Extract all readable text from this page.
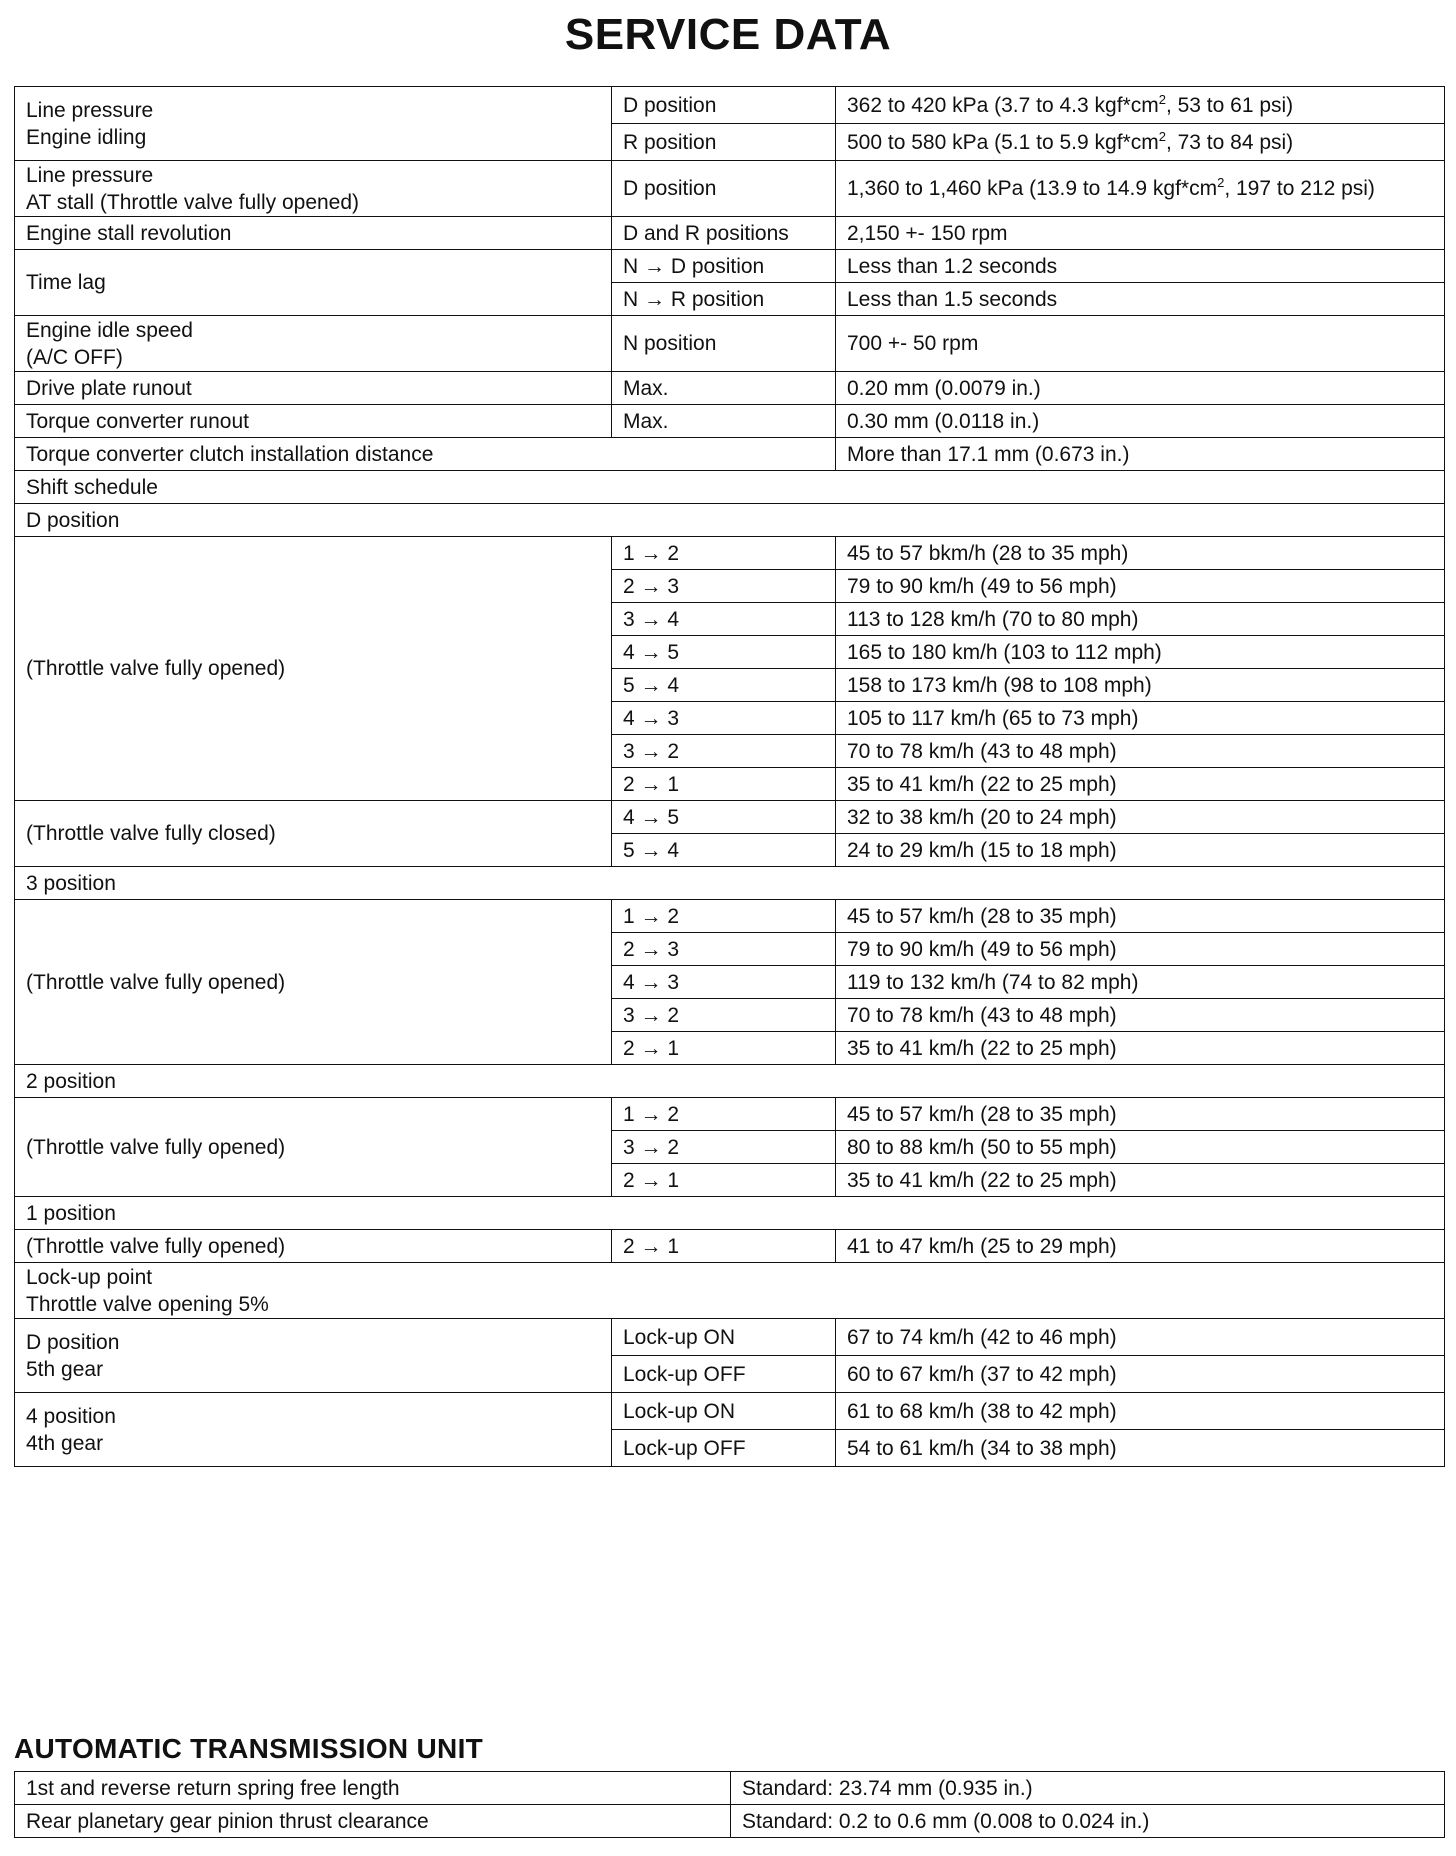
SERVICE DATA
Line pressure
Engine idling	D position	362 to 420 kPa (3.7 to 4.3 $kgf*cm^2$, 53 to 61 psi)
	R position	500 to 580 kPa (5.1 to 5.9 $kgf*cm^2$, 73 to 84 psi)
Line pressure
AT stall (Throttle valve fully opened)	D position	1,360 to 1,460 kPa (13.9 to 14.9 $kgf*cm^2$, 197 to 212 psi)
Engine stall revolution	D and R positions	2,150 +- 150 rpm
Time lag	N → D position	Less than 1.2 seconds
	N → R position	Less than 1.5 seconds
Engine idle speed
(A/C OFF)	N position	700 +- 50 rpm
Drive plate runout	Max.	0.20 mm (0.0079 in.)
Torque converter runout	Max.	0.30 mm (0.0118 in.)
Torque converter clutch installation distance		More than 17.1 mm (0.673 in.)
Shift schedule		
D position		
(Throttle valve fully opened)	1 → 2	45 to 57 bkm/h (28 to 35 mph)
	2 → 3	79 to 90 km/h (49 to 56 mph)
	3 → 4	113 to 128 km/h (70 to 80 mph)
	4 → 5	165 to 180 km/h (103 to 112 mph)
	5 → 4	158 to 173 km/h (98 to 108 mph)
	4 → 3	105 to 117 km/h (65 to 73 mph)
	3 → 2	70 to 78 km/h (43 to 48 mph)
	2 → 1	35 to 41 km/h (22 to 25 mph)
(Throttle valve fully closed)	4 → 5	32 to 38 km/h (20 to 24 mph)
	5 → 4	24 to 29 km/h (15 to 18 mph)
3 position		
(Throttle valve fully opened)	1 → 2	45 to 57 km/h (28 to 35 mph)
	2 → 3	79 to 90 km/h (49 to 56 mph)
	4 → 3	119 to 132 km/h (74 to 82 mph)
	3 → 2	70 to 78 km/h (43 to 48 mph)
	2 → 1	35 to 41 km/h (22 to 25 mph)
2 position		
(Throttle valve fully opened)	1 → 2	45 to 57 km/h (28 to 35 mph)
	3 → 2	80 to 88 km/h (50 to 55 mph)
	2 → 1	35 to 41 km/h (22 to 25 mph)
1 position		
(Throttle valve fully opened)	2 → 1	41 to 47 km/h (25 to 29 mph)
Lock-up point
Throttle valve opening 5%		
D position
5th gear	Lock-up ON	67 to 74 km/h (42 to 46 mph)
	Lock-up OFF	60 to 67 km/h (37 to 42 mph)
4 position
4th gear	Lock-up ON	61 to 68 km/h (38 to 42 mph)
	Lock-up OFF	54 to 61 km/h (34 to 38 mph)
AUTOMATIC TRANSMISSION UNIT
1st and reverse return spring free length	Standard: 23.74 mm (0.935 in.)
Rear planetary gear pinion thrust clearance	Standard: 0.2 to 0.6 mm (0.008 to 0.024 in.)
